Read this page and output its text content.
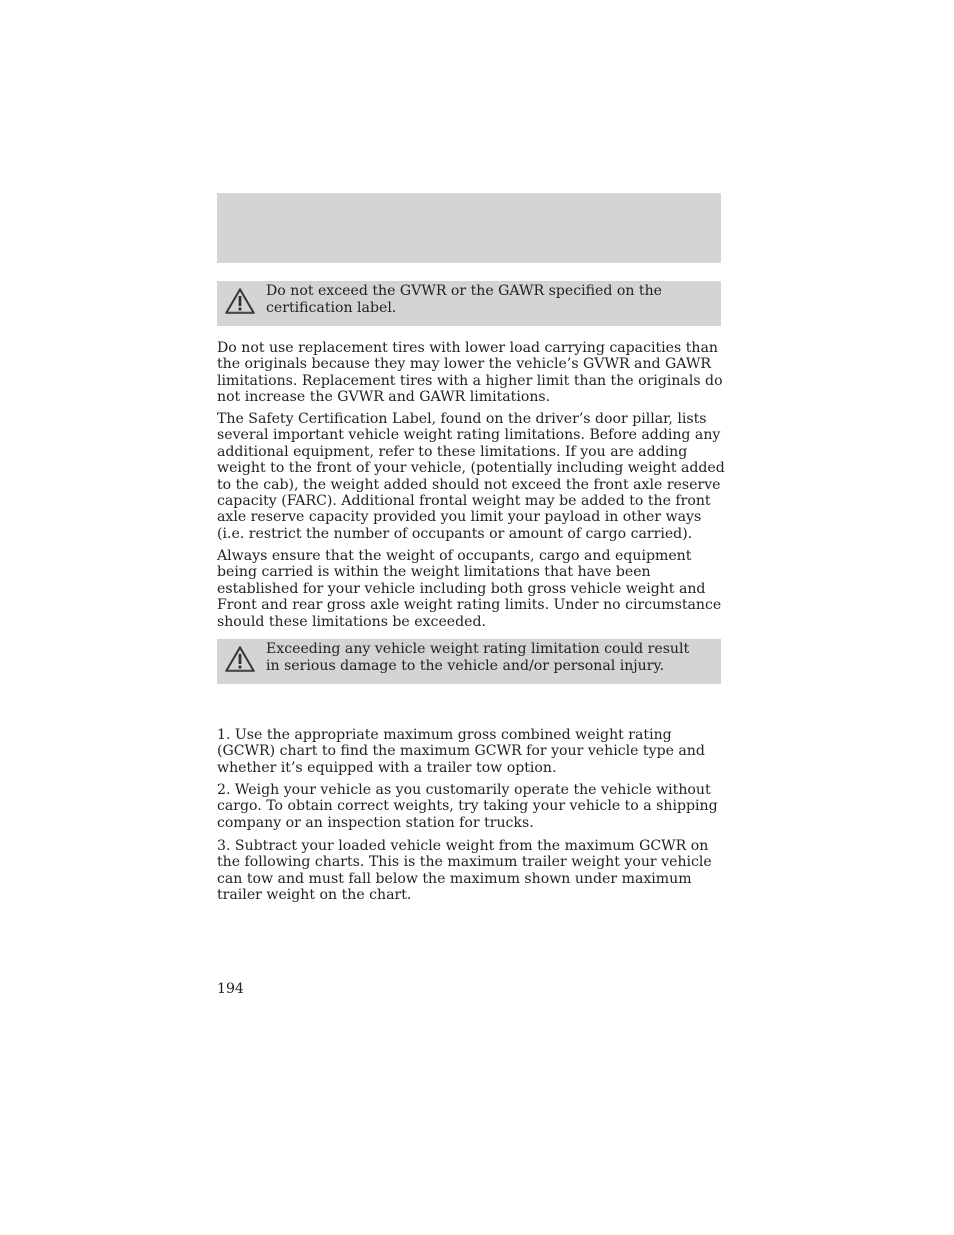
Do not exceed the GVWR or the GAWR specified on the certification label.

Do not use replacement tires with lower load carrying capacities than the originals because they may lower the vehicle’s GVWR and GAWR limitations. Replacement tires with a higher limit than the originals do not increase the GVWR and GAWR limitations.

The Safety Certification Label, found on the driver’s door pillar, lists several important vehicle weight rating limitations. Before adding any additional equipment, refer to these limitations. If you are adding weight to the front of your vehicle, (potentially including weight added to the cab), the weight added should not exceed the front axle reserve capacity (FARC). Additional frontal weight may be added to the front axle reserve capacity provided you limit your payload in other ways (i.e. restrict the number of occupants or amount of cargo carried).

Always ensure that the weight of occupants, cargo and equipment being carried is within the weight limitations that have been established for your vehicle including both gross vehicle weight and Front and rear gross axle weight rating limits. Under no circumstance should these limitations be exceeded.

Exceeding any vehicle weight rating limitation could result in serious damage to the vehicle and/or personal injury.

1. Use the appropriate maximum gross combined weight rating (GCWR) chart to find the maximum GCWR for your vehicle type and whether it’s equipped with a trailer tow option.

2. Weigh your vehicle as you customarily operate the vehicle without cargo. To obtain correct weights, try taking your vehicle to a shipping company or an inspection station for trucks.

3. Subtract your loaded vehicle weight from the maximum GCWR on the following charts. This is the maximum trailer weight your vehicle can tow and must fall below the maximum shown under maximum trailer weight on the chart.

194
